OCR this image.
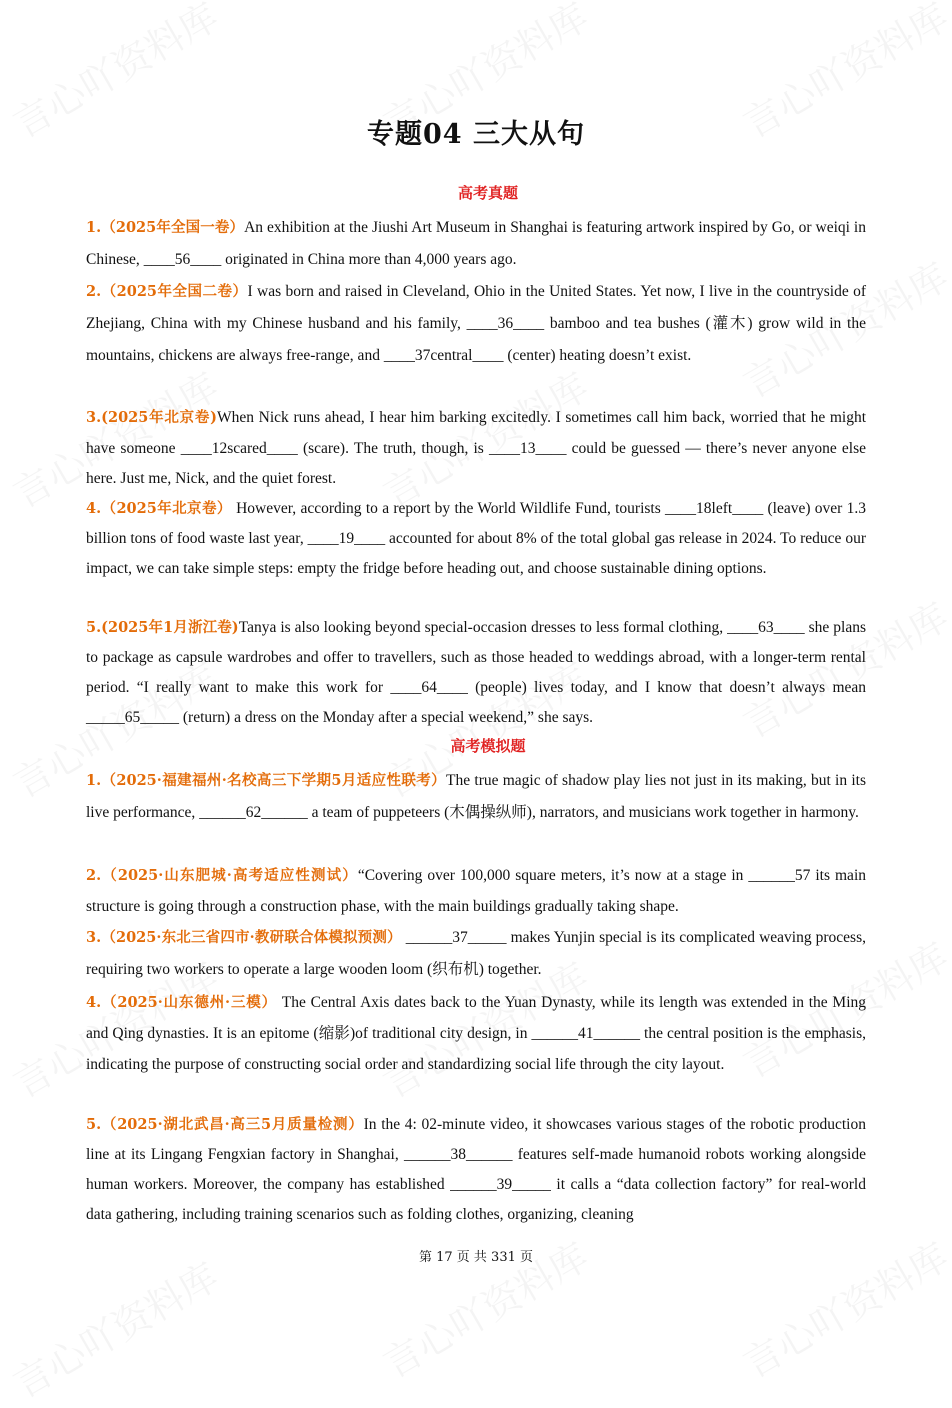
专题04 三大从句
高考真题
1.（2025年全国一卷）An exhibition at the Jiushi Art Museum in Shanghai is featuring artwork inspired by Go, or weiqi in Chinese, ____56____ originated in China more than 4,000 years ago.
2.（2025年全国二卷）I was born and raised in Cleveland, Ohio in the United States. Yet now, I live in the countryside of Zhejiang, China with my Chinese husband and his family, ____36____ bamboo and tea bushes (灌木) grow wild in the mountains, chickens are always free-range, and ____37central____ (center) heating doesn’t exist.
3.(2025年北京卷)When Nick runs ahead, I hear him barking excitedly. I sometimes call him back, worried that he might have someone ____12scared____ (scare). The truth, though, is ____13____ could be guessed — there’s never anyone else here. Just me, Nick, and the quiet forest.
4.（2025年北京卷） However, according to a report by the World Wildlife Fund, tourists ____18left____ (leave) over 1.3 billion tons of food waste last year, ____19____ accounted for about 8% of the total global gas release in 2024. To reduce our impact, we can take simple steps: empty the fridge before heading out, and choose sustainable dining options.
5.(2025年1月浙江卷)Tanya is also looking beyond special-occasion dresses to less formal clothing, ____63____ she plans to package as capsule wardrobes and offer to travellers, such as those headed to weddings abroad, with a longer-term rental period. “I really want to make this work for ____64____ (people) lives today, and I know that doesn’t always mean _____65_____ (return) a dress on the Monday after a special weekend,” she says.
高考模拟题
1.（2025·福建福州·名校高三下学期5月适应性联考）The true magic of shadow play lies not just in its making, but in its live performance, ______62______ a team of puppeteers (木偶操纵师), narrators, and musicians work together in harmony.
2.（2025·山东肥城·高考适应性测试）“Covering over 100,000 square meters, it’s now at a stage in ______57 its main structure is going through a construction phase, with the main buildings gradually taking shape.
3.（2025·东北三省四市·教研联合体模拟预测） ______37_____ makes Yunjin special is its complicated weaving process, requiring two workers to operate a large wooden loom (织布机) together.
4.（2025·山东德州·三模） The Central Axis dates back to the Yuan Dynasty, while its length was extended in the Ming and Qing dynasties. It is an epitome (缩影)of traditional city design, in ______41______ the central position is the emphasis, indicating the purpose of constructing social order and standardizing social life through the city layout.
5.（2025·湖北武昌·高三5月质量检测）In the 4: 02-minute video, it showcases various stages of the robotic production line at its Lingang Fengxian factory in Shanghai, ______38______ features self-made humanoid robots working alongside human workers. Moreover, the company has established ______39_____ it calls a “data collection factory” for real-world data gathering, including training scenarios such as folding clothes, organizing, cleaning
第 17 页 共 331 页
